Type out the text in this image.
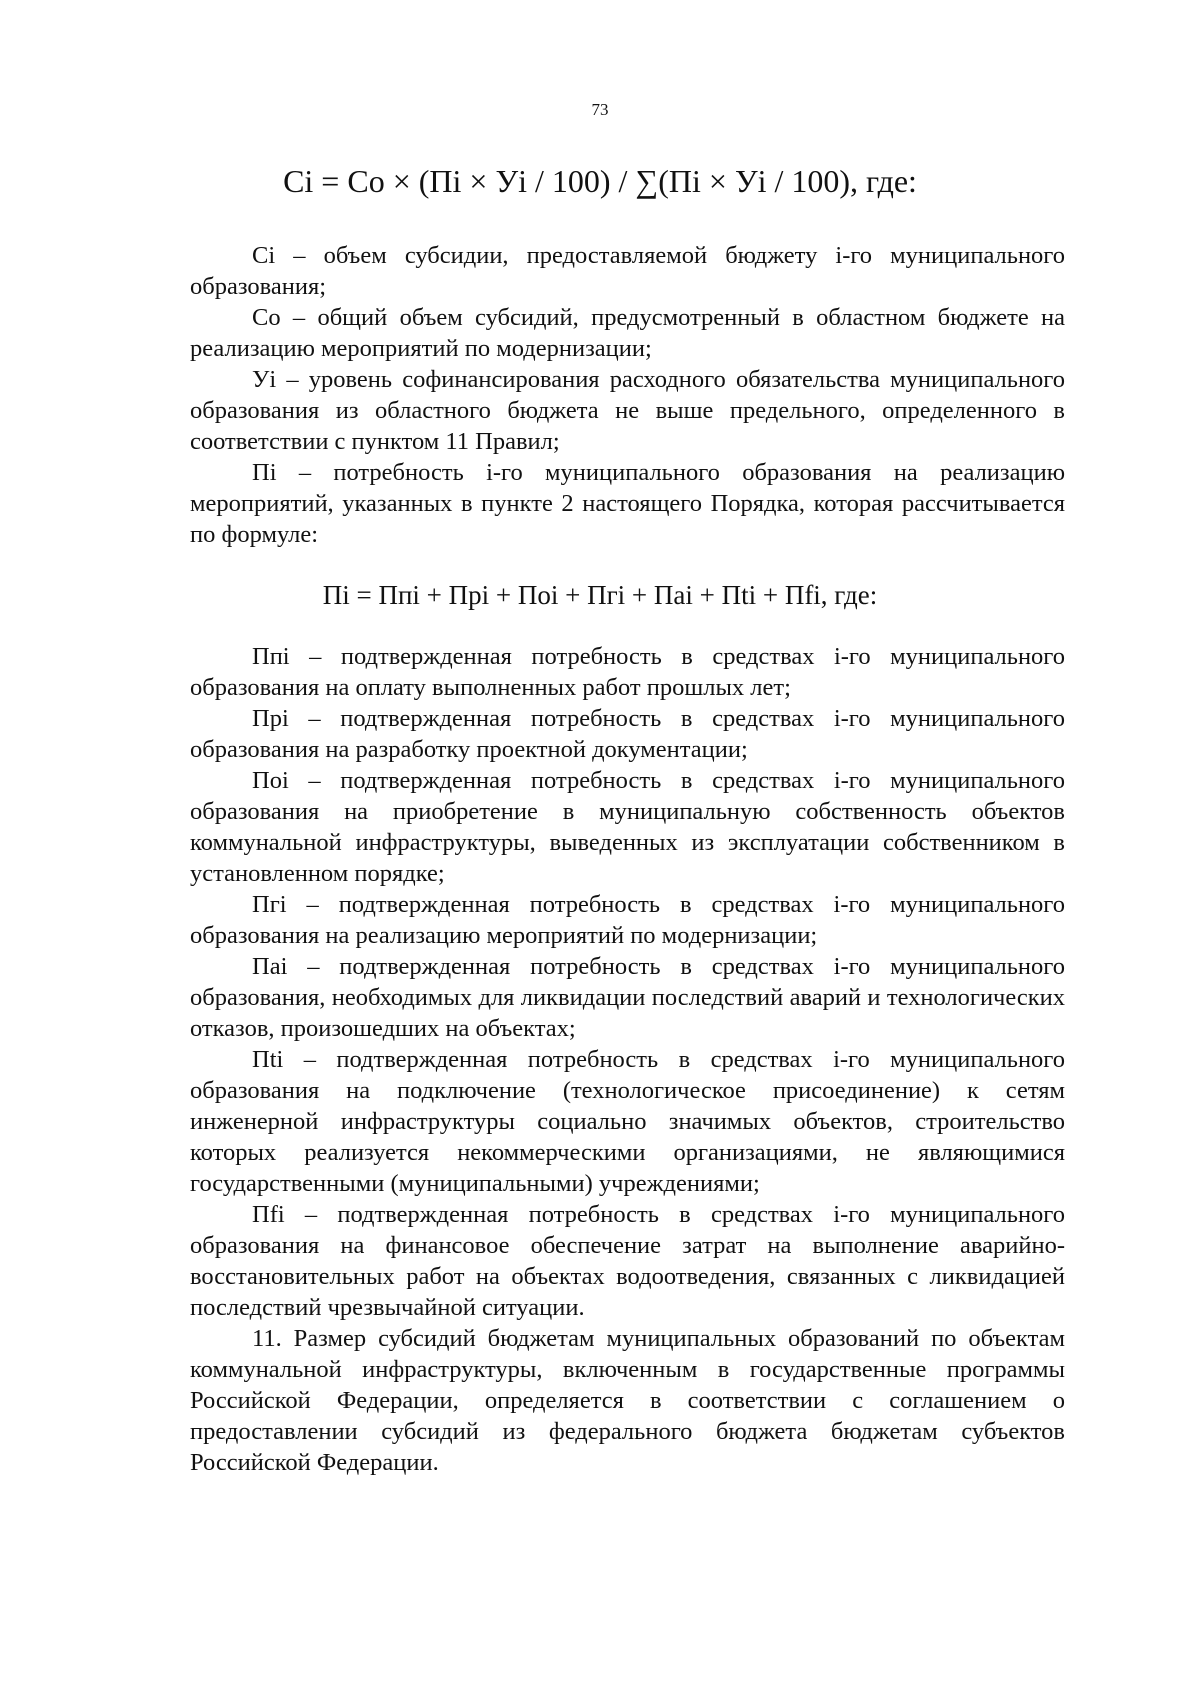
73
Ci = Co × (Пi × Уi / 100) / ∑(Пi × Уi / 100), где:

Ci – объем субсидии, предоставляемой бюджету i-го муниципального образования;

Co – общий объем субсидий, предусмотренный в областном бюджете на реализацию мероприятий по модернизации;

Уi – уровень софинансирования расходного обязательства муниципального образования из областного бюджета не выше предельного, определенного в соответствии с пунктом 11 Правил;

Пi – потребность i-го муниципального образования на реализацию мероприятий, указанных в пункте 2 настоящего Порядка, которая рассчитывается по формуле:

Пi = Ппi + Прi + Поi + Пгi + Паi + Пti + Пfi, где:

Ппi – подтвержденная потребность в средствах i-го муниципального образования на оплату выполненных работ прошлых лет;

Прi – подтвержденная потребность в средствах i-го муниципального образования на разработку проектной документации;

Поi – подтвержденная потребность в средствах i-го муниципального образования на приобретение в муниципальную собственность объектов коммунальной инфраструктуры, выведенных из эксплуатации собственником в установленном порядке;

Пгi – подтвержденная потребность в средствах i-го муниципального образования на реализацию мероприятий по модернизации;

Паi – подтвержденная потребность в средствах i-го муниципального образования, необходимых для ликвидации последствий аварий и технологических отказов, произошедших на объектах;

Пti – подтвержденная потребность в средствах i-го муниципального образования на подключение (технологическое присоединение) к сетям инженерной инфраструктуры социально значимых объектов, строительство которых реализуется некоммерческими организациями, не являющимися государственными (муниципальными) учреждениями;

Пfi – подтвержденная потребность в средствах i-го муниципального образования на финансовое обеспечение затрат на выполнение аварийно-восстановительных работ на объектах водоотведения, связанных с ликвидацией последствий чрезвычайной ситуации.

11. Размер субсидий бюджетам муниципальных образований по объектам коммунальной инфраструктуры, включенным в государственные программы Российской Федерации, определяется в соответствии с соглашением о предоставлении субсидий из федерального бюджета бюджетам субъектов Российской Федерации.
